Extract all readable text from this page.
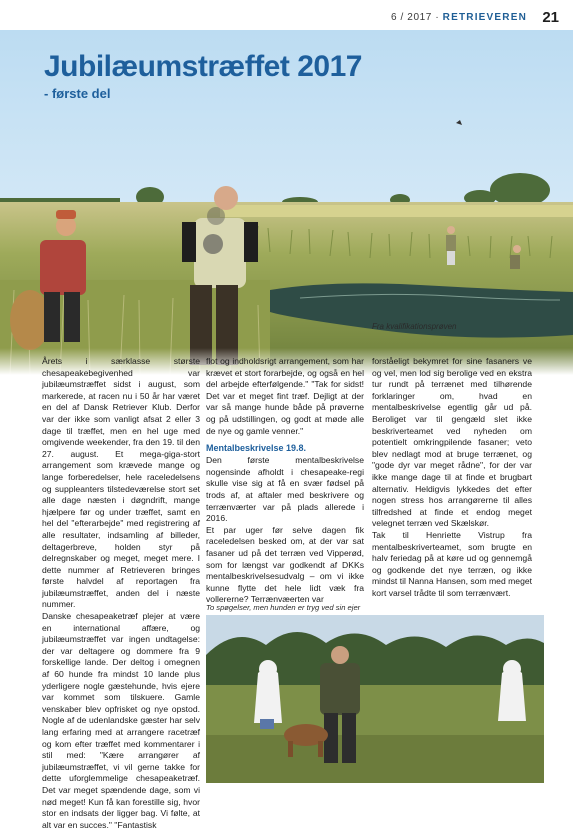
6 / 2017 · RETRIEVEREN 21
Jubilæumstræffet 2017
- første del
Fra kvalifikationsprøven

Årets i særklasse største chesapeakebegivenhed var jubilæumstræffet sidst i august, som markerede, at racen nu i 50 år har været en del af Dansk Retriever Klub. Derfor var der ikke som vanligt afsat 2 eller 3 dage til træffet, men en hel uge med omgivende weekender, fra den 19. til den 27. august. Et mega-giga-stort arrangement som krævede mange og lange forberedelser, hele raceledelsens og suppleanters tilstedeværelse stort set alle dage næsten i døgndrift, mange hjælpere før og under træffet, samt en hel del "efterarbejde" med registrering af alle resultater, indsamling af billeder, deltagerbreve, holden styr på delregnskaber og meget, meget mere. I dette nummer af Retrieveren bringes første halvdel af reportagen fra jubilæumstræffet, anden del i næste nummer.

Danske chesapeaketræf plejer at være en international affære, og jubilæumstræffet var ingen undtagelse: der var deltagere og dommere fra 9 forskellige lande. Der deltog i omegnen af 60 hunde fra mindst 10 lande plus yderligere nogle gæstehunde, hvis ejere var kommet som tilskuere. Gamle venskaber blev opfrisket og nye opstod. Nogle af de udenlandske gæster har selv lang erfaring med at arrangere racetræf og kom efter træffet med kommentarer i stil med: "Kære arrangører af jubilæumstræffet, vi vil gerne takke for dette uforglemmelige chesapeaketræf. Det var meget spændende dage, som vi nød meget! Kun få kan forestille sig, hvor stor en indsats der ligger bag. Vi følte, at alt var en succes." "Fantastisk

flot og indholdsrigt arrangement, som har krævet et stort forarbejde, og også en hel del arbejde efterfølgende." "Tak for sidst! Det var et meget fint træf. Dejligt at der var så mange hunde både på prøverne og på udstillingen, og godt at møde alle de nye og gamle venner."

Mentalbeskrivelse 19.8.

Den første mentalbeskrivelse nogensinde afholdt i chesapeake-regi skulle vise sig at få en svær fødsel på trods af, at aftaler med beskrivere og terrænværter var på plads allerede i 2016.

Et par uger før selve dagen fik raceledelsen besked om, at der var sat fasaner ud på det terræn ved Vipperød, som for længst var godkendt af DKKs mentalbeskrivelsesudvalg – om vi ikke kunne flytte det hele lidt væk fra vollererne? Terrænvæerten var

forståeligt bekymret for sine fasaners ve og vel, men lod sig berolige ved en ekstra tur rundt på terrænet med tilhørende forklaringer om, hvad en mentalbeskrivelse egentlig går ud på. Beroliget var til gengæld slet ikke beskriverteamet ved nyheden om potentielt omkringpilende fasaner; veto blev nedlagt mod at bruge terrænet, og "gode dyr var meget rådne", for der var ikke mange dage til at finde et brugbart alternativ. Heldigvis lykkedes det efter nogen stress hos arrangørerne til alles tilfredshed at finde et endog meget velegnet terræn ved Skælskør.

Tak til Henriette Vistrup fra mentalbeskriverteamet, som brugte en halv feriedag på at køre ud og gennemgå og godkende det nye terræn, og ikke mindst til Nanna Hansen, som med meget kort varsel trådte til som terrænvært.

To spøgelser, men hunden er tryg ved sin ejer
